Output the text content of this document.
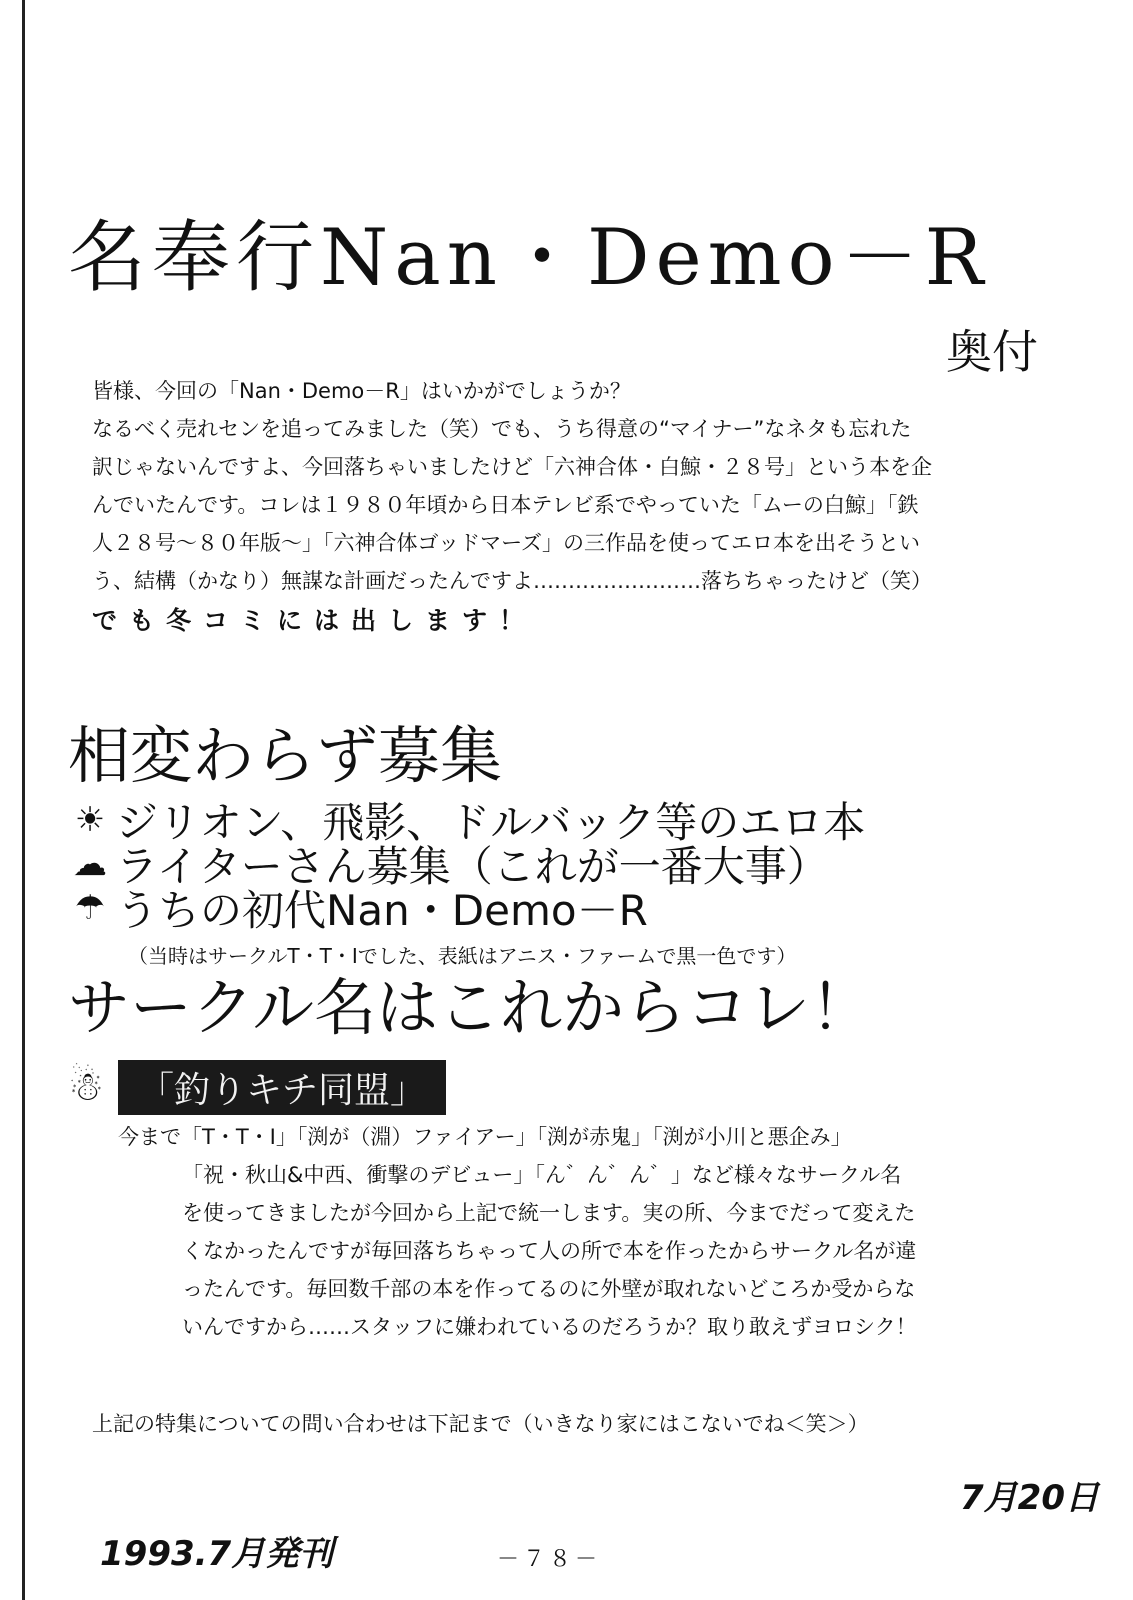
名奉行Nan・Demo－R
奥付

皆様、今回の「Nan・Demo－R」はいかがでしょうか？

なるべく売れセンを追ってみました（笑）でも、うち得意の“マイナー”なネタも忘れた

訳じゃないんですよ、今回落ちゃいましたけど「六神合体・白鯨・２８号」という本を企

んでいたんです。コレは１９８０年頃から日本テレビ系でやっていた「ムーの白鯨」「鉄

人２８号～８０年版～」「六神合体ゴッドマーズ」の三作品を使ってエロ本を出そうとい

う、結構（かなり）無謀な計画だったんですよ……………………落ちちゃったけど（笑）

でも冬コミには出します！

相変わらず募集
☀ ジリオン、飛影、ドルバック等のエロ本
☁ ライターさん募集（これが一番大事）
☂ うちの初代Nan・Demo－R
（当時はサークルT・T・Iでした、表紙はアニス・ファームで黒一色です）
サークル名はこれからコレ！
☃ 「釣りキチ同盟」

今まで「T・T・I」「渕が（淵）ファイアー」「渕が赤鬼」「渕が小川と悪企み」

「祝・秋山&中西、衝撃のデビュー」「ん゛ん゛ん゛」など様々なサークル名

を使ってきましたが今回から上記で統一します。実の所、今までだって変えた

くなかったんですが毎回落ちちゃって人の所で本を作ったからサークル名が違

ったんです。毎回数千部の本を作ってるのに外壁が取れないどころか受からな

いんですから……スタッフに嫌われているのだろうか？取り敢えずヨロシク！

上記の特集についての問い合わせは下記まで（いきなり家にはこないでね＜笑＞）
7月20日
1993.7月発刊	－７８－
